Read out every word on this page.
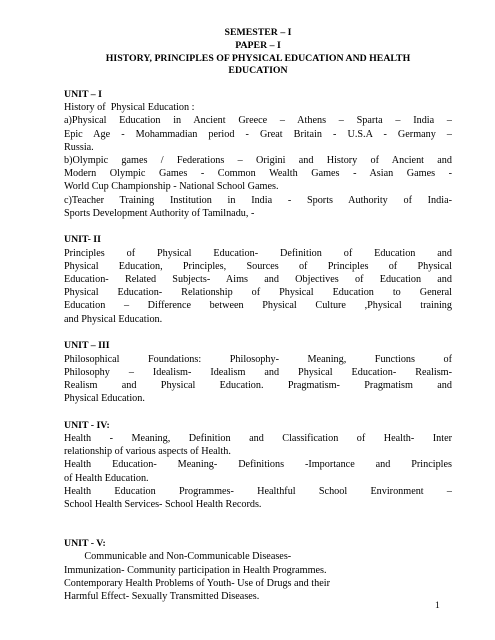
SEMESTER – I
PAPER – I
HISTORY, PRINCIPLES OF PHYSICAL EDUCATION AND HEALTH
EDUCATION
UNIT – I
History of  Physical Education :
a)Physical Education in Ancient Greece – Athens – Sparta – India –
Epic Age - Mohammadian period - Great Britain - U.S.A - Germany –
Russia.
b)Olympic games / Federations – Origini and History of Ancient and
Modern Olympic Games - Common Wealth Games - Asian Games -
World Cup Championship - National School Games.
c)Teacher Training Institution in India - Sports Authority of India-
Sports Development Authority of Tamilnadu, -
UNIT- II
Principles of Physical Education- Definition of Education and
Physical Education, Principles, Sources of Principles of Physical
Education- Related Subjects- Aims and Objectives of Education and
Physical Education- Relationship of Physical Education to General
Education – Difference between Physical Culture ,Physical training
and Physical Education.
UNIT – III
Philosophical Foundations: Philosophy- Meaning, Functions of
Philosophy – Idealism- Idealism and Physical Education- Realism-
Realism and Physical Education. Pragmatism- Pragmatism and
Physical Education.
UNIT - IV:
Health - Meaning, Definition and Classification of Health- Inter
relationship of various aspects of Health.
Health Education- Meaning- Definitions -Importance and Principles
of Health Education.
Health Education Programmes- Healthful School Environment –
School Health Services- School Health Records.
UNIT - V:
Communicable and Non-Communicable Diseases-
Immunization- Community participation in Health Programmes.
Contemporary Health Problems of Youth- Use of Drugs and their
Harmful Effect- Sexually Transmitted Diseases.
1
